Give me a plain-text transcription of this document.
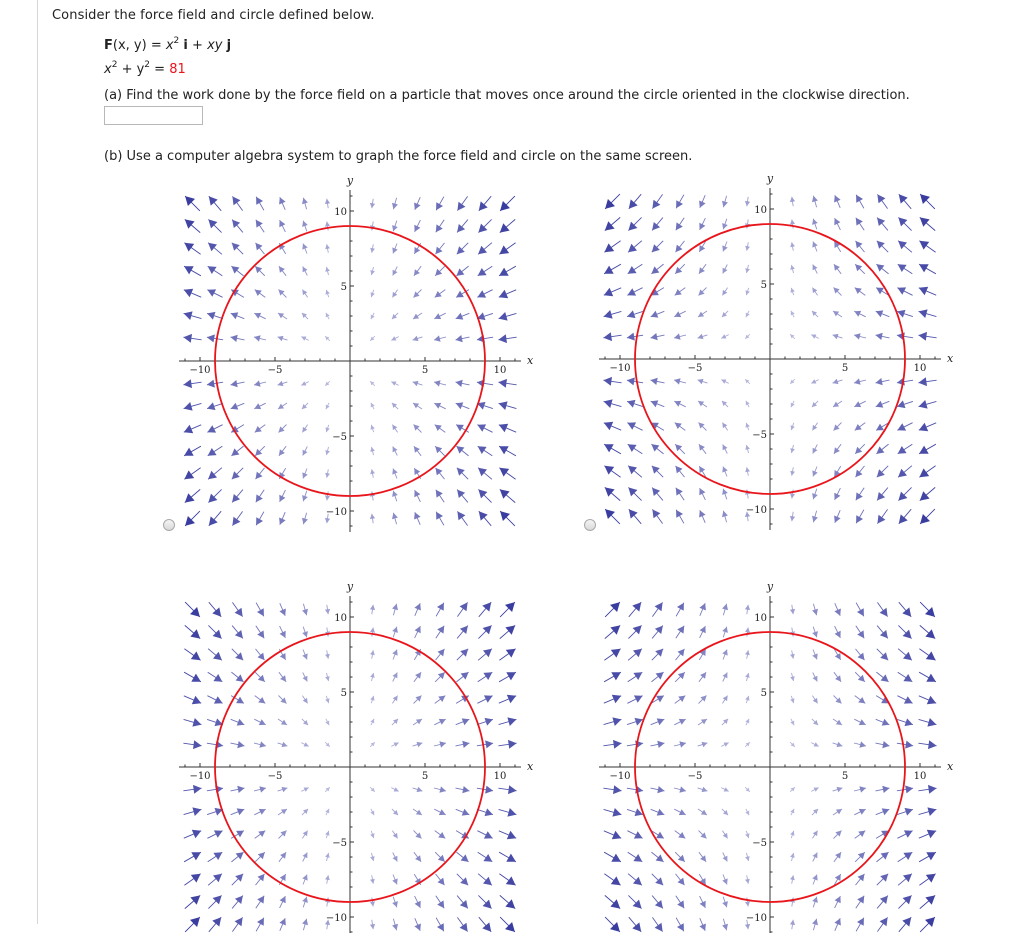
Consider the force field and circle defined below.
F(x, $y) = x^2$ i + xy j
$x^2 + y^2 = 81$
(a) Find the work done by the force field on a particle that moves once around the circle oriented in the clockwise direction.
(b) Use a computer algebra system to graph the force field and circle on the same screen.
−10	−5	5	10
10
5
−5
−10
x
y
−10	−5	5	10
10
5
−5
−10
x
y
−10	−5	5	10
10
5
−5
−10
x
y
−10	−5	5	10
10
5
−5
−10
x
y
